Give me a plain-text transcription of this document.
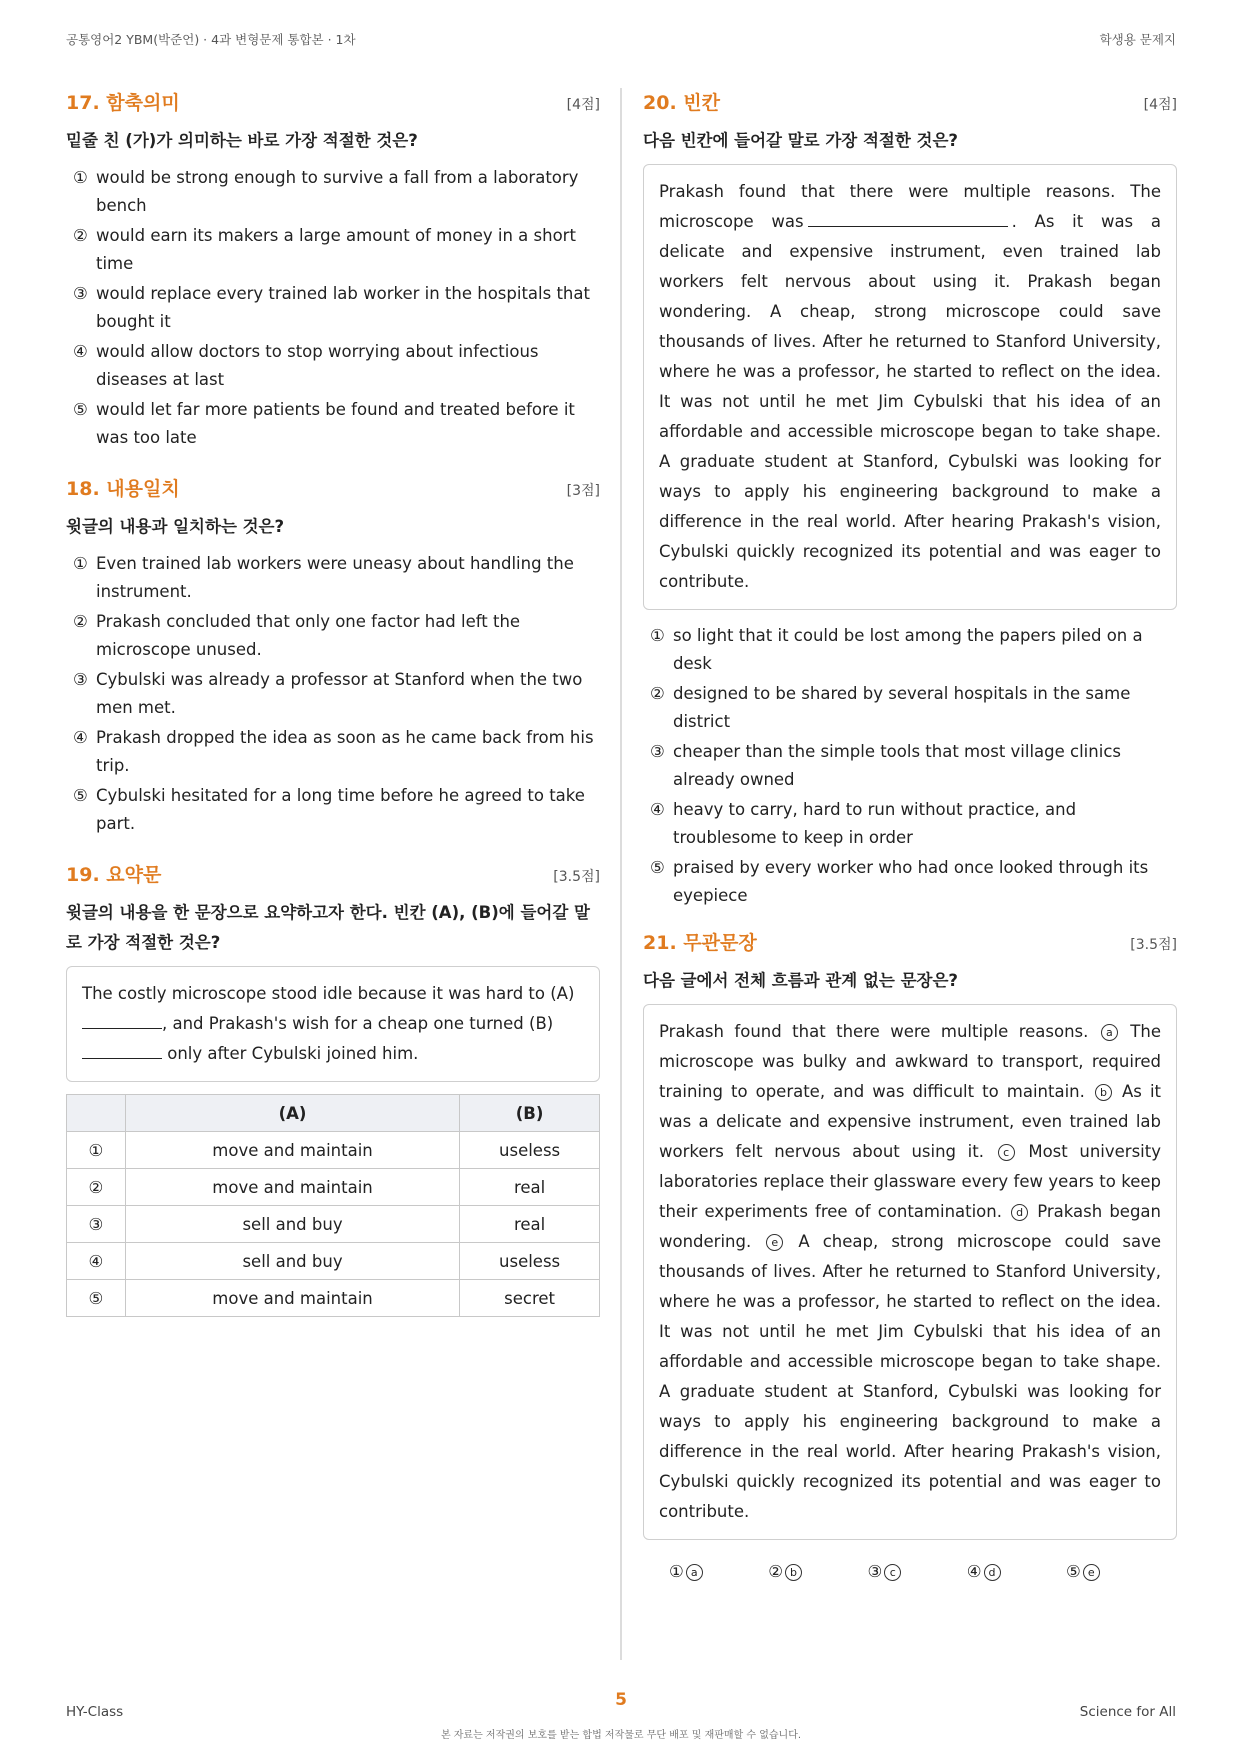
공통영어2 YBM(박준언) · 4과 변형문제 통합본 · 1차	학생용 문제지
17. 함축의미	[4점]
밑줄 친 (가)가 의미하는 바로 가장 적절한 것은?
① would be strong enough to survive a fall from a laboratory bench
② would earn its makers a large amount of money in a short time
③ would replace every trained lab worker in the hospitals that bought it
④ would allow doctors to stop worrying about infectious diseases at last
⑤ would let far more patients be found and treated before it was too late
18. 내용일치	[3점]
윗글의 내용과 일치하는 것은?
① Even trained lab workers were uneasy about handling the instrument.
② Prakash concluded that only one factor had left the microscope unused.
③ Cybulski was already a professor at Stanford when the two men met.
④ Prakash dropped the idea as soon as he came back from his trip.
⑤ Cybulski hesitated for a long time before he agreed to take part.
19. 요약문	[3.5점]
윗글의 내용을 한 문장으로 요약하고자 한다. 빈칸 (A), (B)에 들어갈 말로 가장 적절한 것은?
The costly microscope stood idle because it was hard to (A), and Prakash's wish for a cheap one turned (B) only after Cybulski joined him.
	(A)	(B)
①	move and maintain	useless
②	move and maintain	real
③	sell and buy	real
④	sell and buy	useless
⑤	move and maintain	secret
20. 빈칸	[4점]
다음 빈칸에 들어갈 말로 가장 적절한 것은?
Prakash found that there were multiple reasons. The microscope was	. As it was a delicate and expensive instrument, even trained lab workers felt nervous about using it. Prakash began wondering. A cheap, strong microscope could save thousands of lives. After he returned to Stanford University, where he was a professor, he started to reflect on the idea. It was not until he met Jim Cybulski that his idea of an affordable and accessible microscope began to take shape. A graduate student at Stanford, Cybulski was looking for ways to apply his engineering background to make a difference in the real world. After hearing Prakash's vision, Cybulski quickly recognized its potential and was eager to contribute.
① so light that it could be lost among the papers piled on a desk
② designed to be shared by several hospitals in the same district
③ cheaper than the simple tools that most village clinics already owned
④ heavy to carry, hard to run without practice, and troublesome to keep in order
⑤ praised by every worker who had once looked through its eyepiece
21. 무관문장	[3.5점]
다음 글에서 전체 흐름과 관계 없는 문장은?
Prakash found that there were multiple reasons. a The microscope was bulky and awkward to transport, required training to operate, and was difficult to maintain. b As it was a delicate and expensive instrument, even trained lab workers felt nervous about using it. c Most university laboratories replace their glassware every few years to keep their experiments free of contamination. d Prakash began wondering. e A cheap, strong microscope could save thousands of lives. After he returned to Stanford University, where he was a professor, he started to reflect on the idea. It was not until he met Jim Cybulski that his idea of an affordable and accessible microscope began to take shape. A graduate student at Stanford, Cybulski was looking for ways to apply his engineering background to make a difference in the real world. After hearing Prakash's vision, Cybulski quickly recognized its potential and was eager to contribute.
① a	② b	③ c	④ d	⑤ e
HY-Class
5
Science for All
본 자료는 저작권의 보호를 받는 합법 저작물로 무단 배포 및 재판매할 수 없습니다.
